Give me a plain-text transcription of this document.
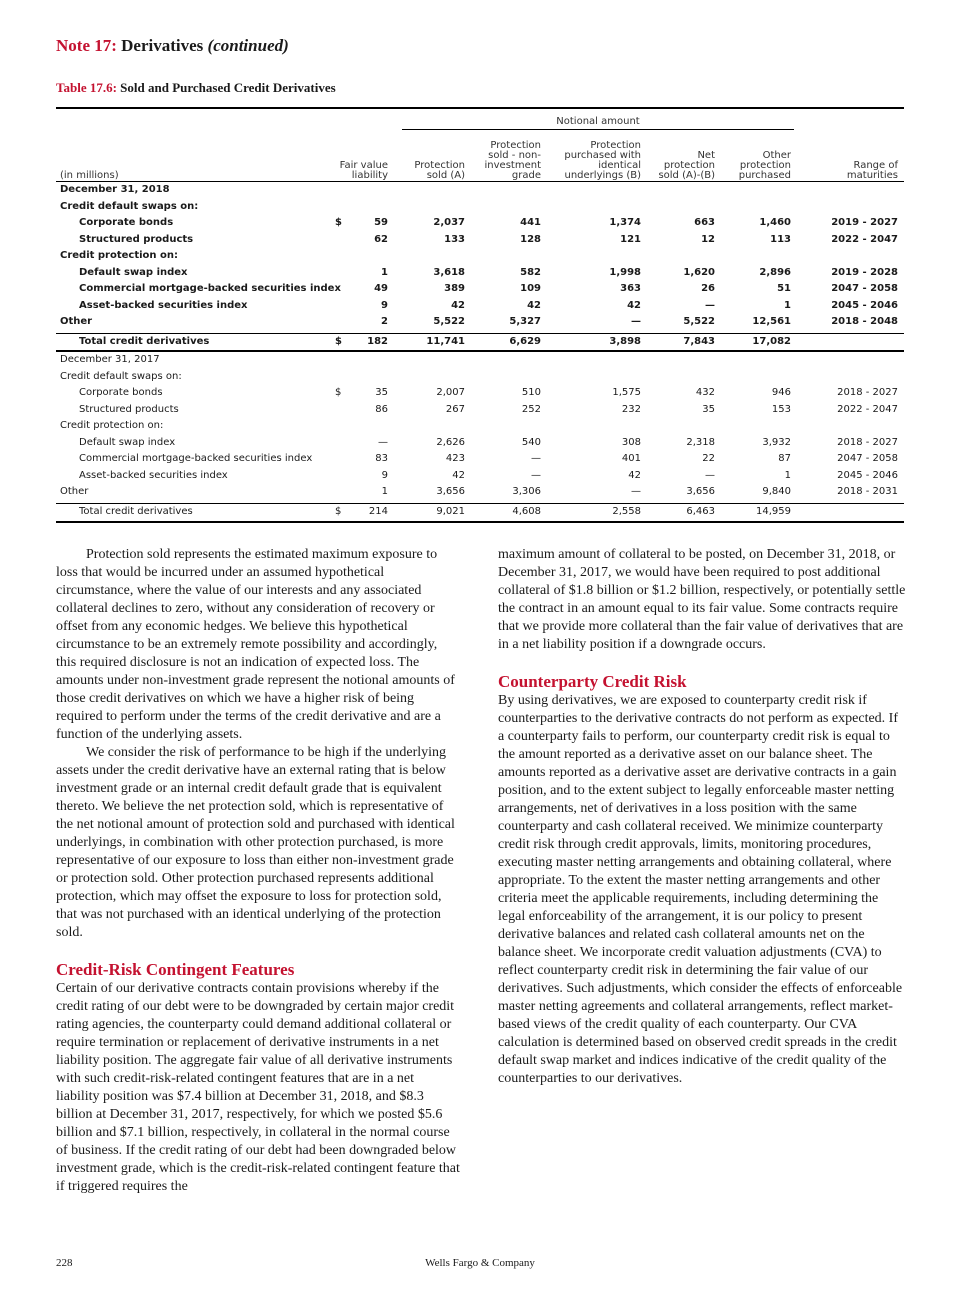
Note 17: Derivatives (continued)
Table 17.6: Sold and Purchased Credit Derivatives
Notional amount
(in millions)
Fair value liability
Protection sold (A)
Protection sold - non-investment grade
Protection purchased with identical underlyings (B)
Net protection sold (A)-(B)
Other protection purchased
Range of maturities
December 31, 2018
Credit default swaps on:
Corporate bonds	$	59	2,037	441	1,374	663	1,460	2019 - 2027
Structured products	62	133	128	121	12	113	2022 - 2047
Credit protection on:
Default swap index	1	3,618	582	1,998	1,620	2,896	2019 - 2028
Commercial mortgage-backed securities index	49	389	109	363	26	51	2047 - 2058
Asset-backed securities index	9	42	42	42	—	1	2045 - 2046
Other	2	5,522	5,327	—	5,522	12,561	2018 - 2048
Total credit derivatives	$	182	11,741	6,629	3,898	7,843	17,082
December 31, 2017
Credit default swaps on:
Corporate bonds	$	35	2,007	510	1,575	432	946	2018 - 2027
Structured products	86	267	252	232	35	153	2022 - 2047
Credit protection on:
Default swap index	—	2,626	540	308	2,318	3,932	2018 - 2027
Commercial mortgage-backed securities index	83	423	—	401	22	87	2047 - 2058
Asset-backed securities index	9	42	—	42	—	1	2045 - 2046
Other	1	3,656	3,306	—	3,656	9,840	2018 - 2031
Total credit derivatives	$	214	9,021	4,608	2,558	6,463	14,959

Protection sold represents the estimated maximum exposure to loss that would be incurred under an assumed hypothetical circumstance, where the value of our interests and any associated collateral declines to zero, without any consideration of recovery or offset from any economic hedges. We believe this hypothetical circumstance to be an extremely remote possibility and accordingly, this required disclosure is not an indication of expected loss. The amounts under non-investment grade represent the notional amounts of those credit derivatives on which we have a higher risk of being required to perform under the terms of the credit derivative and are a function of the underlying assets.

We consider the risk of performance to be high if the underlying assets under the credit derivative have an external rating that is below investment grade or an internal credit default grade that is equivalent thereto. We believe the net protection sold, which is representative of the net notional amount of protection sold and purchased with identical underlyings, in combination with other protection purchased, is more representative of our exposure to loss than either non-investment grade or protection sold. Other protection purchased represents additional protection, which may offset the exposure to loss for protection sold, that was not purchased with an identical underlying of the protection sold.

Credit-Risk Contingent Features

Certain of our derivative contracts contain provisions whereby if the credit rating of our debt were to be downgraded by certain major credit rating agencies, the counterparty could demand additional collateral or require termination or replacement of derivative instruments in a net liability position. The aggregate fair value of all derivative instruments with such credit-risk-related contingent features that are in a net liability position was $7.4 billion at December 31, 2018, and $8.3 billion at December 31, 2017, respectively, for which we posted $5.6 billion and $7.1 billion, respectively, in collateral in the normal course of business. If the credit rating of our debt had been downgraded below investment grade, which is the credit-risk-related contingent feature that if triggered requires the

maximum amount of collateral to be posted, on December 31, 2018, or December 31, 2017, we would have been required to post additional collateral of $1.8 billion or $1.2 billion, respectively, or potentially settle the contract in an amount equal to its fair value. Some contracts require that we provide more collateral than the fair value of derivatives that are in a net liability position if a downgrade occurs.

Counterparty Credit Risk

By using derivatives, we are exposed to counterparty credit risk if counterparties to the derivative contracts do not perform as expected. If a counterparty fails to perform, our counterparty credit risk is equal to the amount reported as a derivative asset on our balance sheet. The amounts reported as a derivative asset are derivative contracts in a gain position, and to the extent subject to legally enforceable master netting arrangements, net of derivatives in a loss position with the same counterparty and cash collateral received. We minimize counterparty credit risk through credit approvals, limits, monitoring procedures, executing master netting arrangements and obtaining collateral, where appropriate. To the extent the master netting arrangements and other criteria meet the applicable requirements, including determining the legal enforceability of the arrangement, it is our policy to present derivative balances and related cash collateral amounts net on the balance sheet. We incorporate credit valuation adjustments (CVA) to reflect counterparty credit risk in determining the fair value of our derivatives. Such adjustments, which consider the effects of enforceable master netting agreements and collateral arrangements, reflect market-based views of the credit quality of each counterparty. Our CVA calculation is determined based on observed credit spreads in the credit default swap market and indices indicative of the credit quality of the counterparties to our derivatives.

228	Wells Fargo & Company
